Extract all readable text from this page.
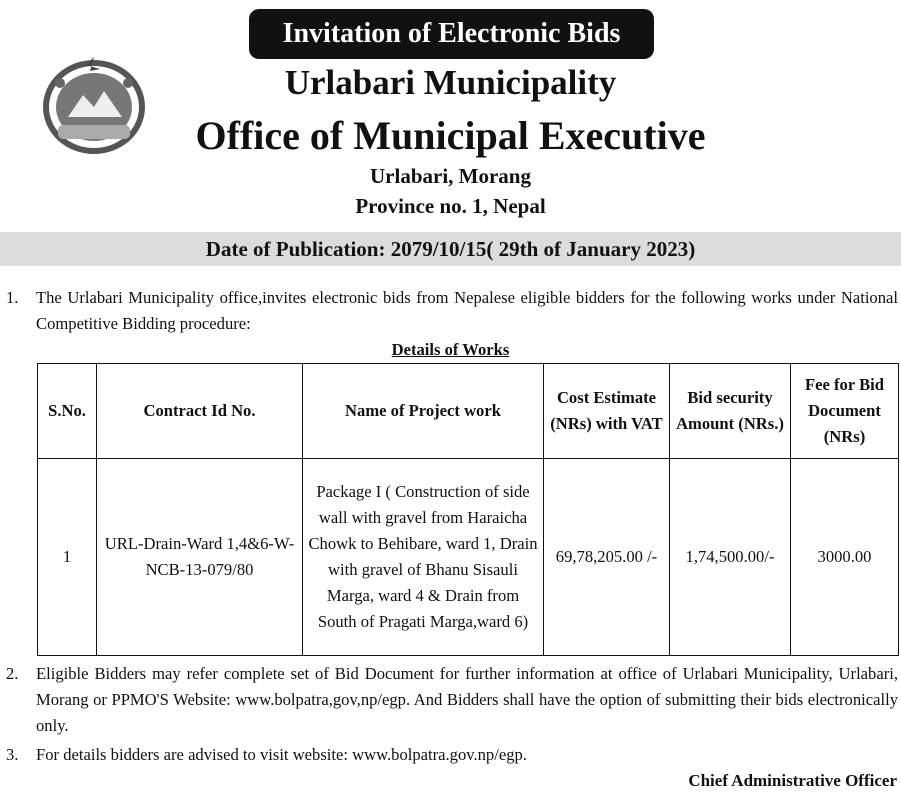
Invitation of Electronic Bids
Urlabari Municipality
Office of Municipal Executive
Urlabari, Morang
Province no. 1, Nepal
Date of Publication: 2079/10/15( 29th of January 2023)
1. The Urlabari Municipality office,invites electronic bids from Nepalese eligible bidders for the following works under National Competitive Bidding procedure:
Details of Works
S.No.	Contract Id No.	Name of Project work	Cost Estimate (NRs) with VAT	Bid security Amount (NRs.)	Fee for Bid Document (NRs)
1	URL-Drain-Ward 1,4&6-W-NCB-13-079/80	Package I ( Construction of side wall with gravel from Haraicha Chowk to Behibare, ward 1, Drain with gravel of Bhanu Sisauli Marga, ward 4 & Drain from South of Pragati Marga,ward 6)	69,78,205.00 /-	1,74,500.00/-	3000.00
2. Eligible Bidders may refer complete set of Bid Document for further information at office of Urlabari Municipality, Urlabari, Morang or PPMO'S Website: www.bolpatra,gov,np/egp. And Bidders shall have the option of submitting their bids electronically only.
3. For details bidders are advised to visit website: www.bolpatra.gov.np/egp.
Chief Administrative Officer
